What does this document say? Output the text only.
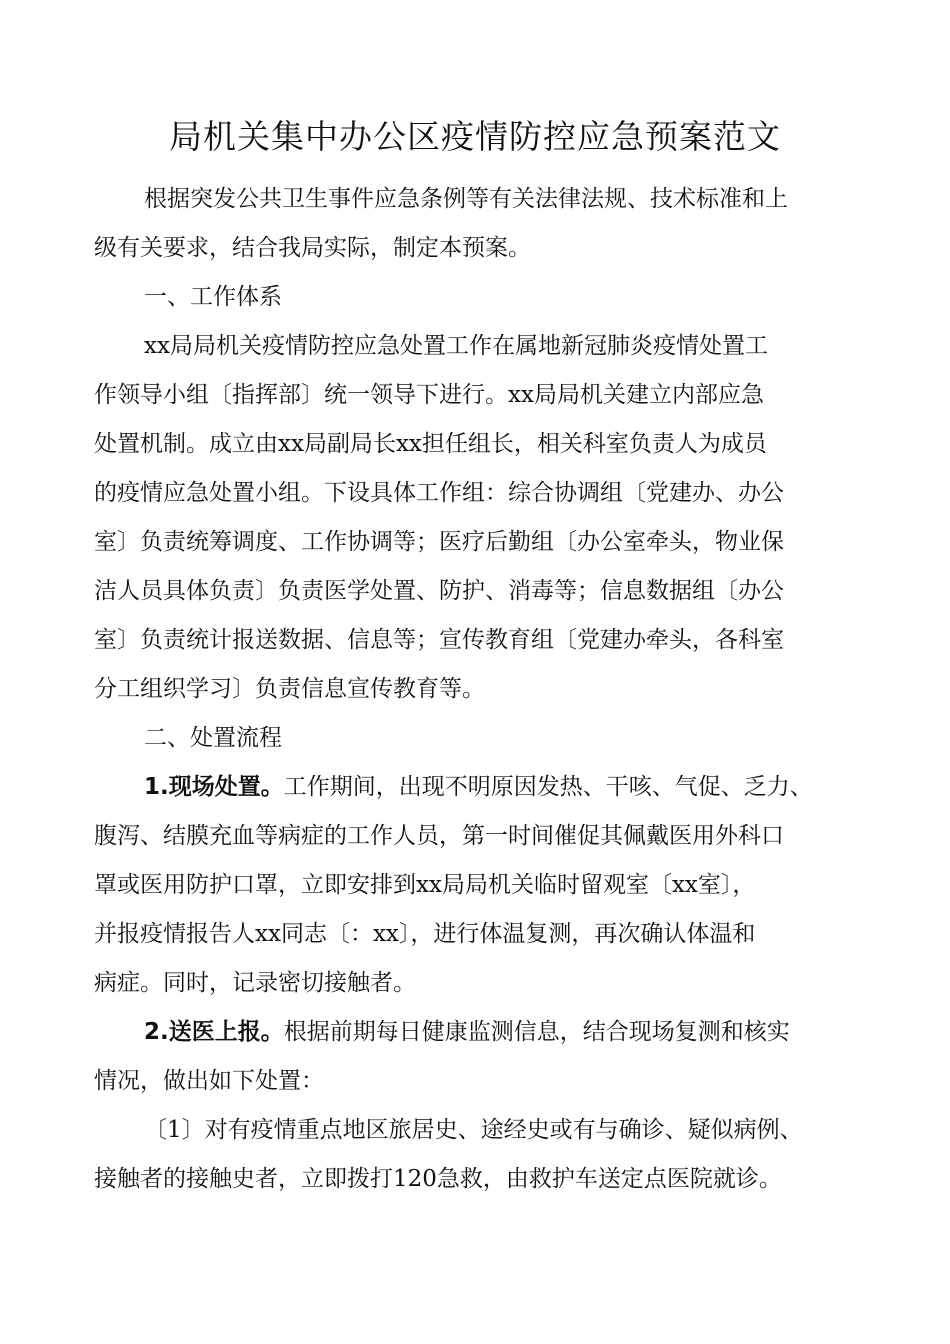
局机关集中办公区疫情防控应急预案范文
根据突发公共卫生事件应急条例等有关法律法规、技术标准和上
级有关要求，结合我局实际，制定本预案。
一、工作体系
xx局局机关疫情防控应急处置工作在属地新冠肺炎疫情处置工
作领导小组〔指挥部〕统一领导下进行。xx局局机关建立内部应急
处置机制。成立由xx局副局长xx担任组长，相关科室负责人为成员
的疫情应急处置小组。下设具体工作组：综合协调组〔党建办、办公
室〕负责统筹调度、工作协调等；医疗后勤组〔办公室牵头，物业保
洁人员具体负责〕负责医学处置、防护、消毒等；信息数据组〔办公
室〕负责统计报送数据、信息等；宣传教育组〔党建办牵头，各科室
分工组织学习〕负责信息宣传教育等。
二、处置流程
1.现场处置。工作期间，出现不明原因发热、干咳、气促、乏力、
腹泻、结膜充血等病症的工作人员，第一时间催促其佩戴医用外科口
罩或医用防护口罩，立即安排到xx局局机关临时留观室〔xx室〕，
并报疫情报告人xx同志〔：xx〕，进行体温复测，再次确认体温和
病症。同时，记录密切接触者。
2.送医上报。根据前期每日健康监测信息，结合现场复测和核实
情况，做出如下处置：
〔1〕对有疫情重点地区旅居史、途经史或有与确诊、疑似病例、
接触者的接触史者，立即拨打120急救，由救护车送定点医院就诊。
